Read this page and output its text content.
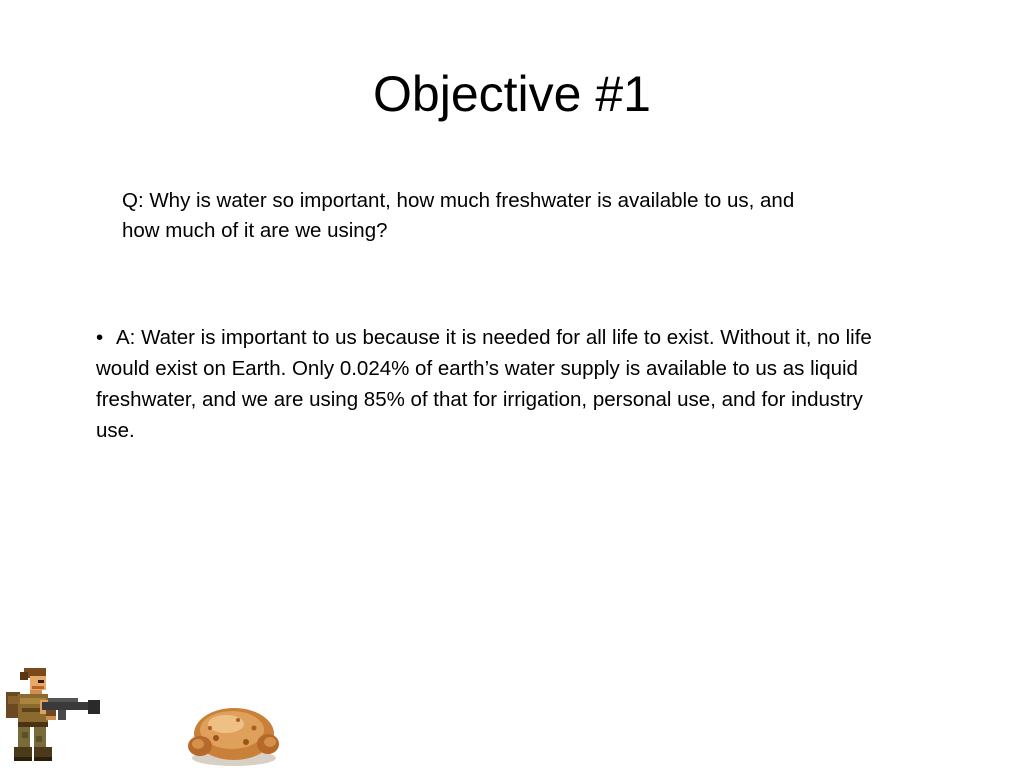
Objective #1

Q: Why is water so important, how much freshwater is available to us, and how much of it are we using?

• A: Water is important to us because it is needed for all life to exist. Without it, no life would exist on Earth. Only 0.024% of earth’s water supply is available to us as liquid freshwater, and we are using 85% of that for irrigation, personal use, and for industry use.
